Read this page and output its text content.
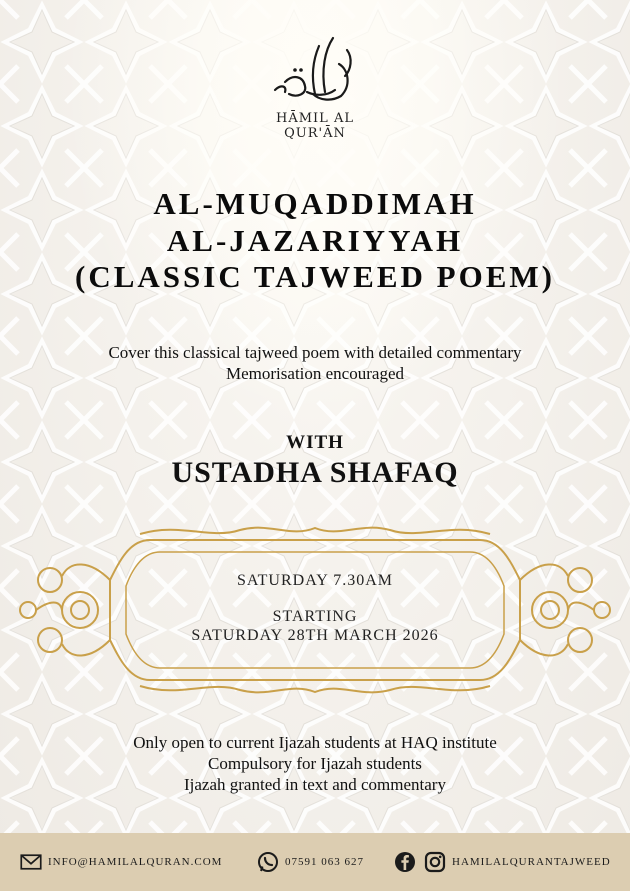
HĀMIL AL QUR'ĀN
AL-MUQADDIMAH
AL-JAZARIYYAH
(CLASSIC TAJWEED POEM)
Cover this classical tajweed poem with detailed commentary
Memorisation encouraged
WITH
USTADHA SHAFAQ
SATURDAY 7.30AM
STARTING
SATURDAY 28TH MARCH 2026
Only open to current Ijazah students at HAQ institute
Compulsory for Ijazah students
Ijazah granted in text and commentary
INFO@HAMILALQURAN.COM	07591 063 627	HAMILALQURANTAJWEED
